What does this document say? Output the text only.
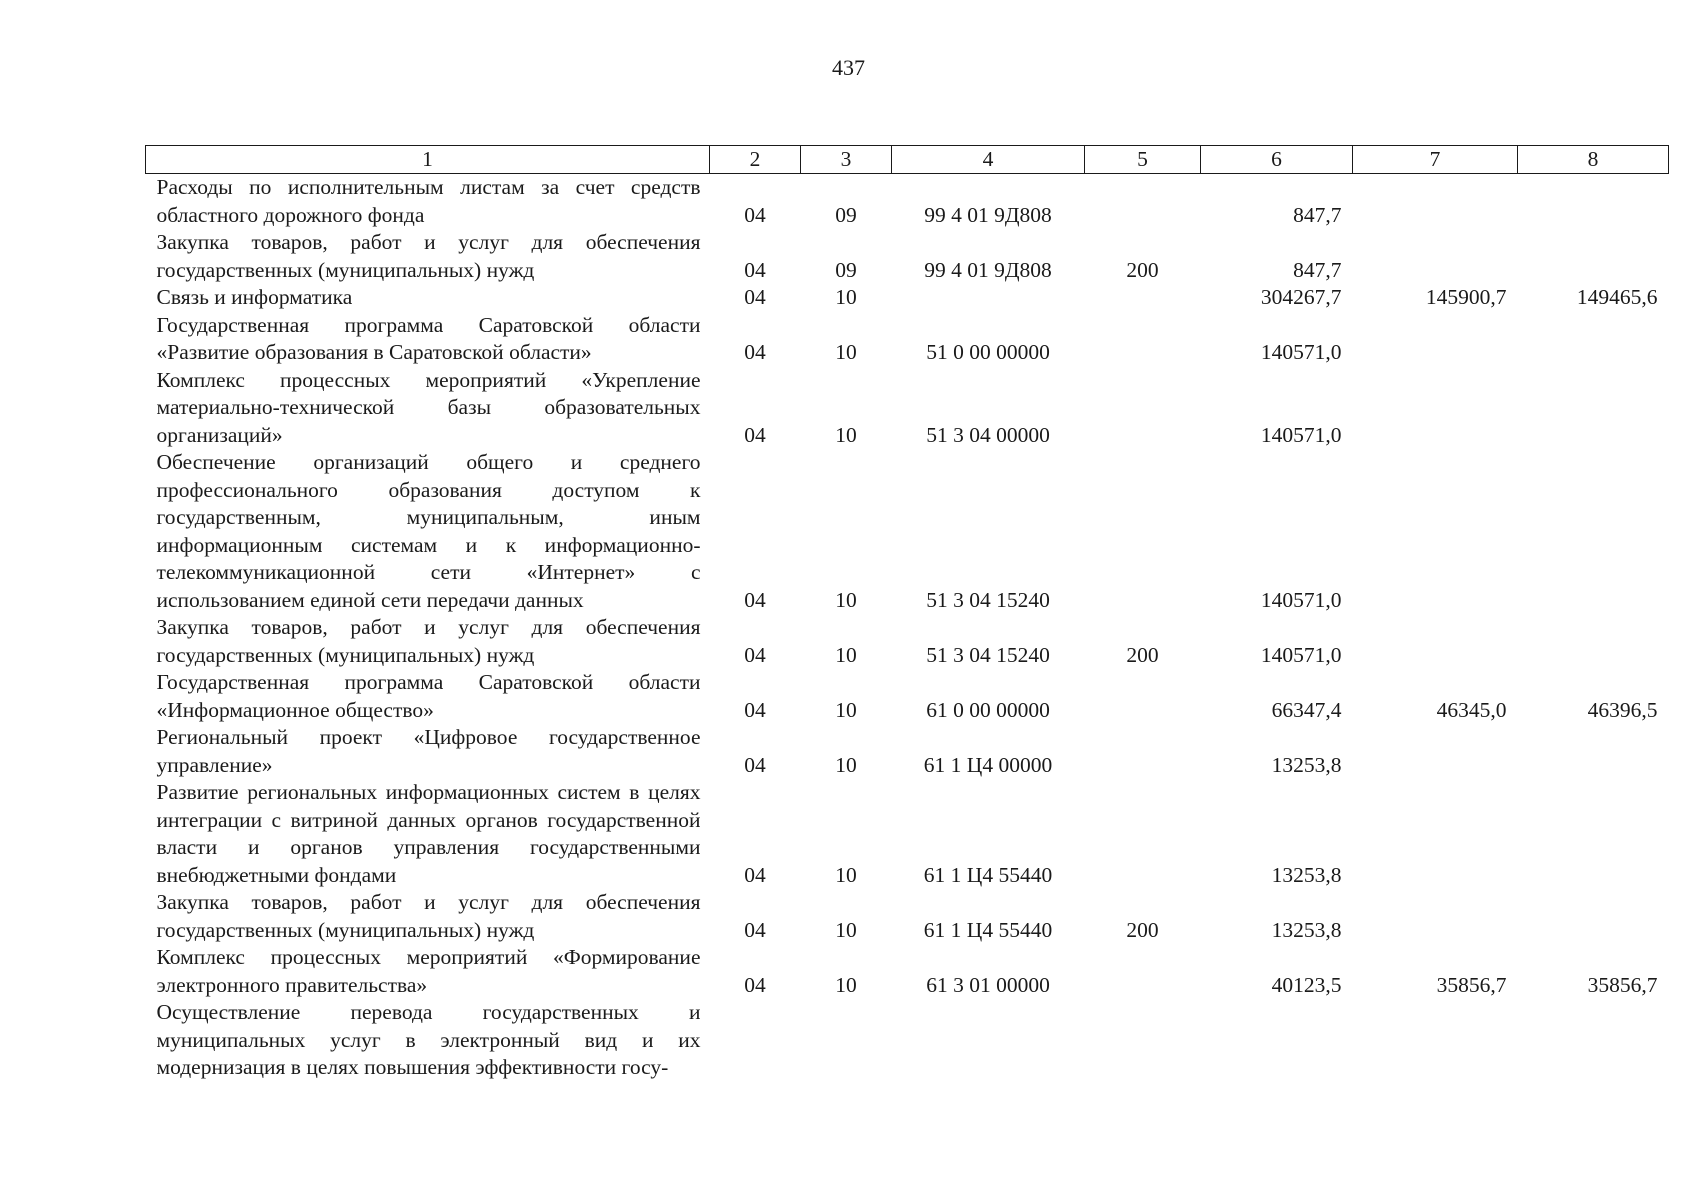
437
1	2	3	4	5	6	7	8
Расходы по исполнительным листам за счет средств областного дорожного фонда	04	09	99 4 01 9Д808		847,7		
Закупка товаров, работ и услуг для обеспечения государственных (муниципальных) нужд	04	09	99 4 01 9Д808	200	847,7		
Связь и информатика	04	10			304267,7	145900,7	149465,6
Государственная программа Саратовской области «Развитие образования в Саратовской области»	04	10	51 0 00 00000		140571,0		
Комплекс процессных мероприятий «Укрепление материально-технической базы образовательных организаций»	04	10	51 3 04 00000		140571,0		
Обеспечение организаций общего и среднего профессионального образования доступом к государственным, муниципальным, иным информационным системам и к информационно-телекоммуникационной сети «Интернет» с использованием единой сети передачи данных	04	10	51 3 04 15240		140571,0		
Закупка товаров, работ и услуг для обеспечения государственных (муниципальных) нужд	04	10	51 3 04 15240	200	140571,0		
Государственная программа Саратовской области «Информационное общество»	04	10	61 0 00 00000		66347,4	46345,0	46396,5
Региональный проект «Цифровое государственное управление»	04	10	61 1 Ц4 00000		13253,8		
Развитие региональных информационных систем в целях интеграции с витриной данных органов государственной власти и органов управления государственными внебюджетными фондами	04	10	61 1 Ц4 55440		13253,8		
Закупка товаров, работ и услуг для обеспечения государственных (муниципальных) нужд	04	10	61 1 Ц4 55440	200	13253,8		
Комплекс процессных мероприятий «Формирование электронного правительства»	04	10	61 3 01 00000		40123,5	35856,7	35856,7
Осуществление перевода государственных и муниципальных услуг в электронный вид и их модернизация в целях повышения эффективности госу-							
